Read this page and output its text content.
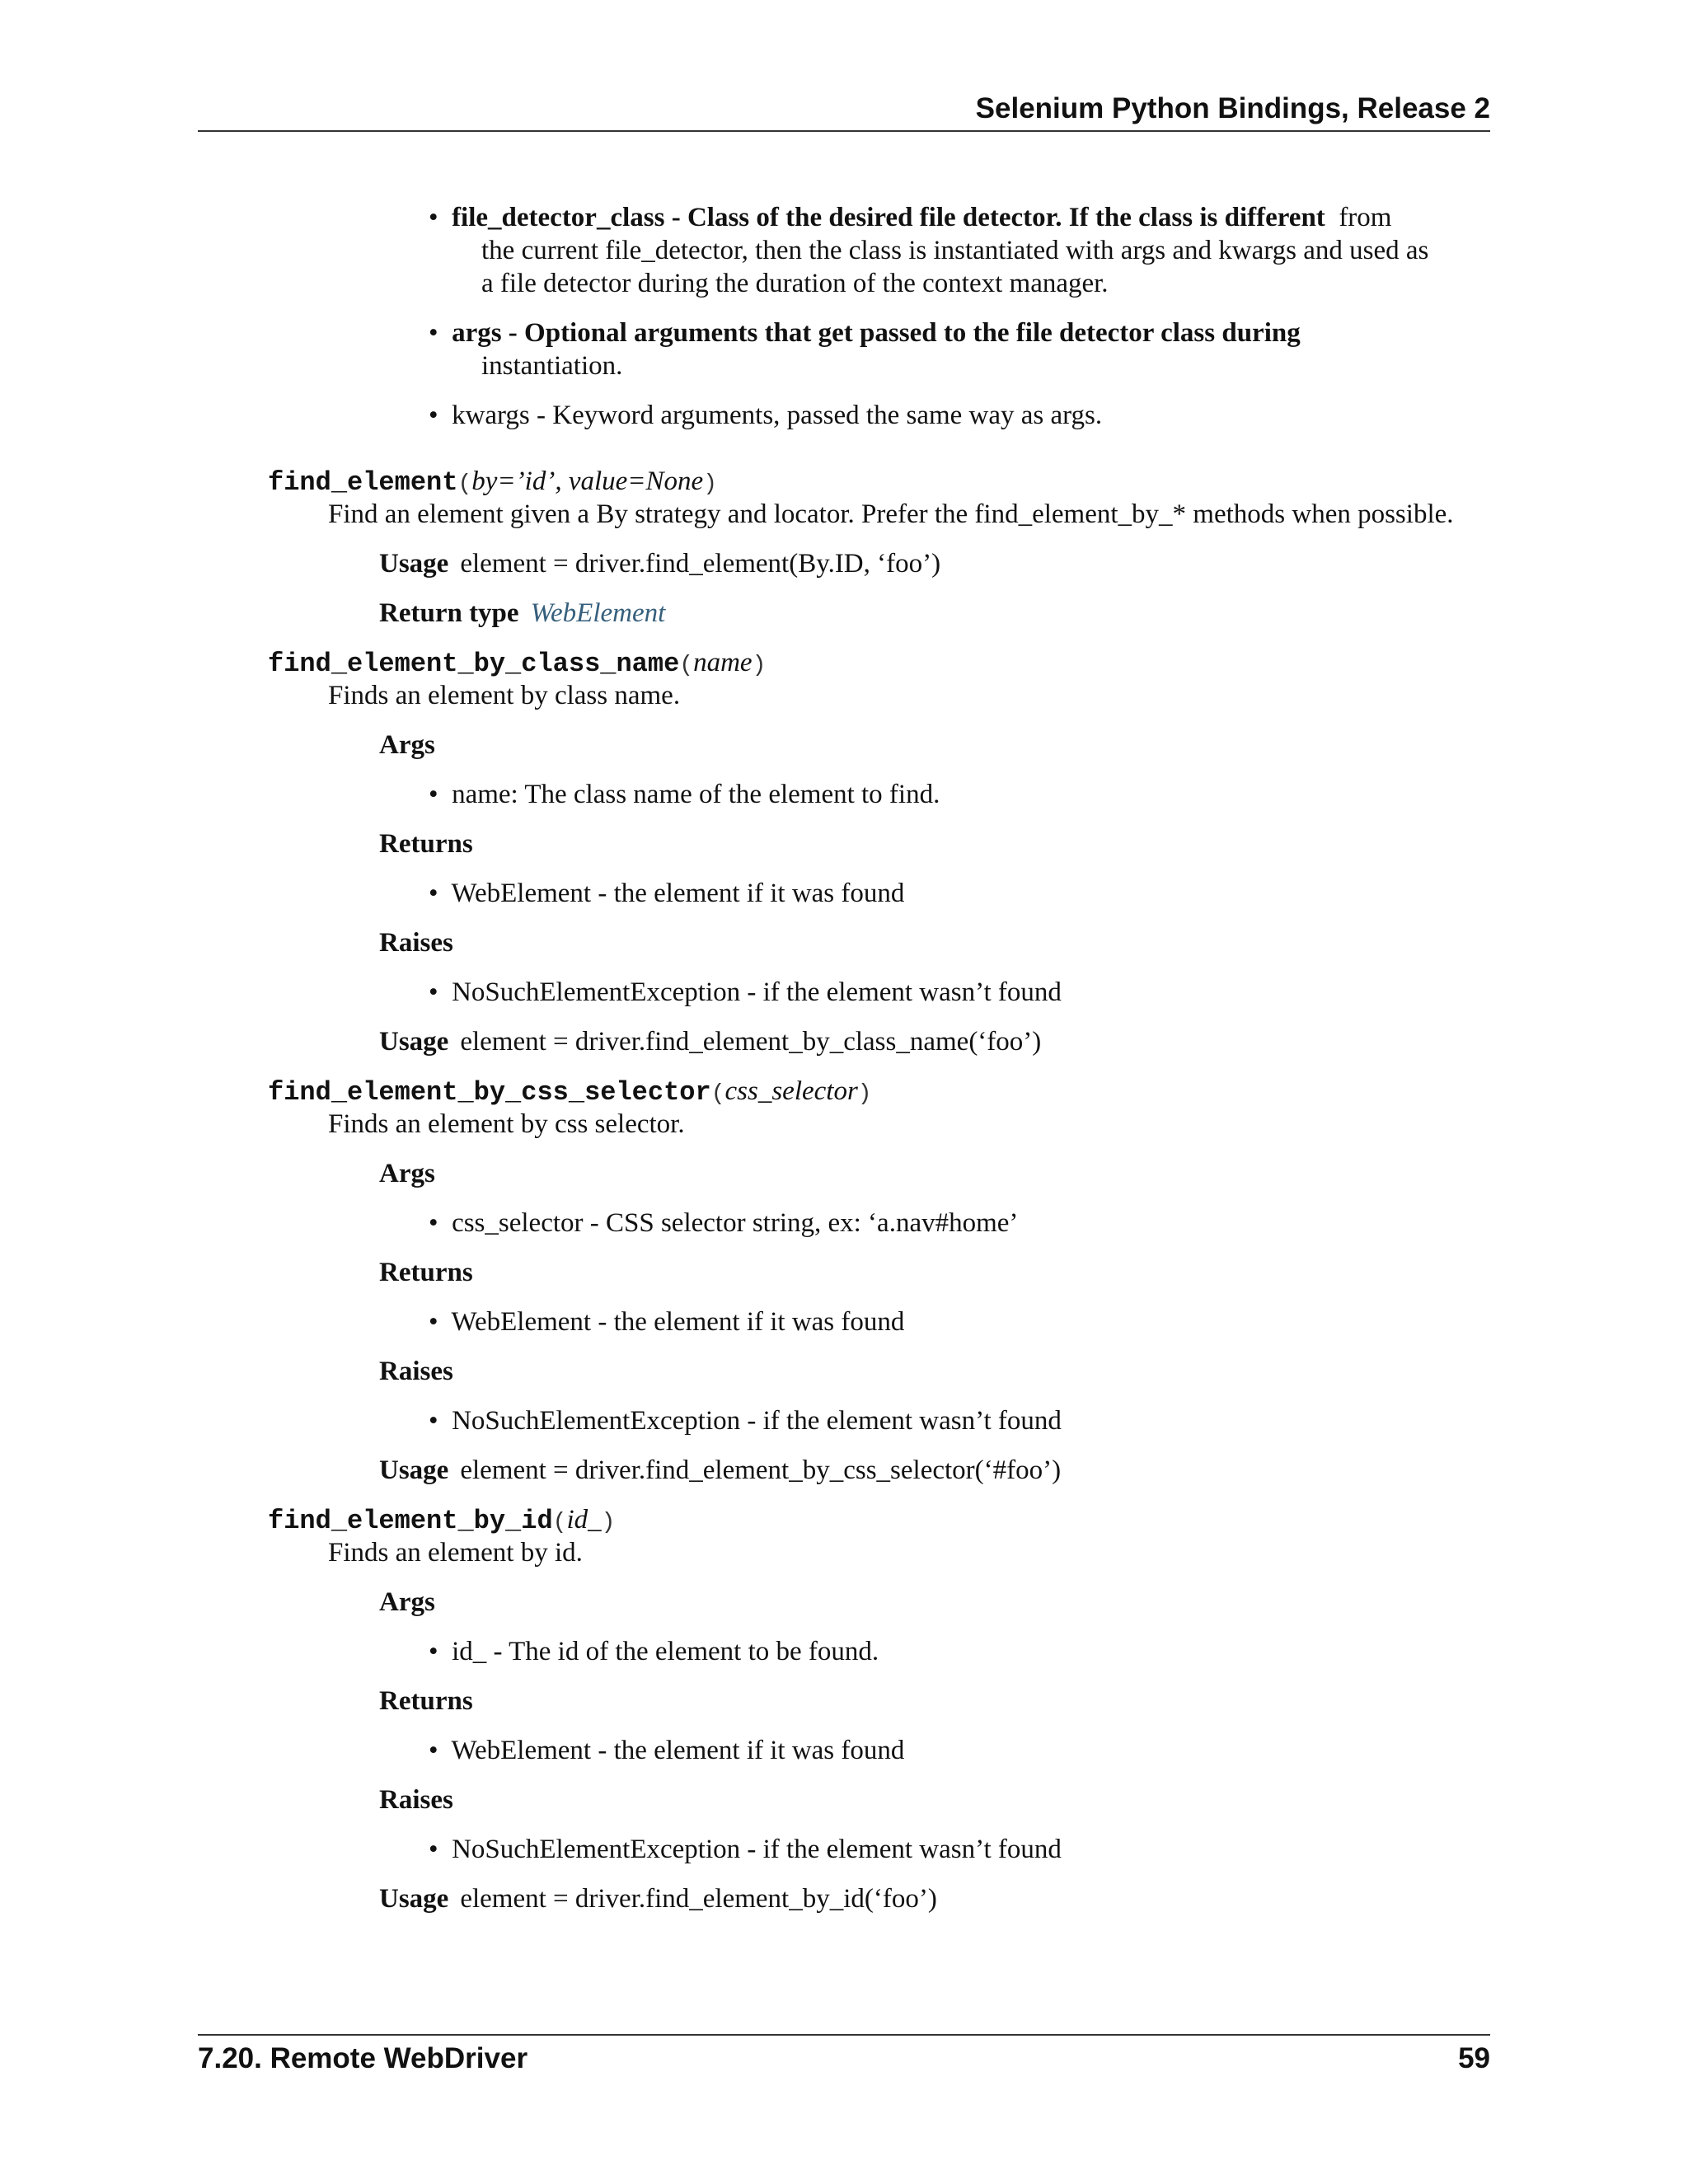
Selenium Python Bindings, Release 2
•  file_detector_class - Class of the desired file detector. If the class is different from
the current file_detector, then the class is instantiated with args and kwargs and used as
a file detector during the duration of the context manager.
•  args - Optional arguments that get passed to the file detector class during
instantiation.
•  kwargs - Keyword arguments, passed the same way as args.
find_element(by=’id’, value=None)
Find an element given a By strategy and locator. Prefer the find_element_by_* methods when possible.
Usage element = driver.find_element(By.ID, ‘foo’)
Return type WebElement
find_element_by_class_name(name)
Finds an element by class name.
Args
•  name: The class name of the element to find.
Returns
•  WebElement - the element if it was found
Raises
•  NoSuchElementException - if the element wasn’t found
Usage element = driver.find_element_by_class_name(‘foo’)
find_element_by_css_selector(css_selector)
Finds an element by css selector.
Args
•  css_selector - CSS selector string, ex: ‘a.nav#home’
Returns
•  WebElement - the element if it was found
Raises
•  NoSuchElementException - if the element wasn’t found
Usage element = driver.find_element_by_css_selector(‘#foo’)
find_element_by_id(id_)
Finds an element by id.
Args
•  id_ - The id of the element to be found.
Returns
•  WebElement - the element if it was found
Raises
•  NoSuchElementException - if the element wasn’t found
Usage element = driver.find_element_by_id(‘foo’)
7.20. Remote WebDriver	59
